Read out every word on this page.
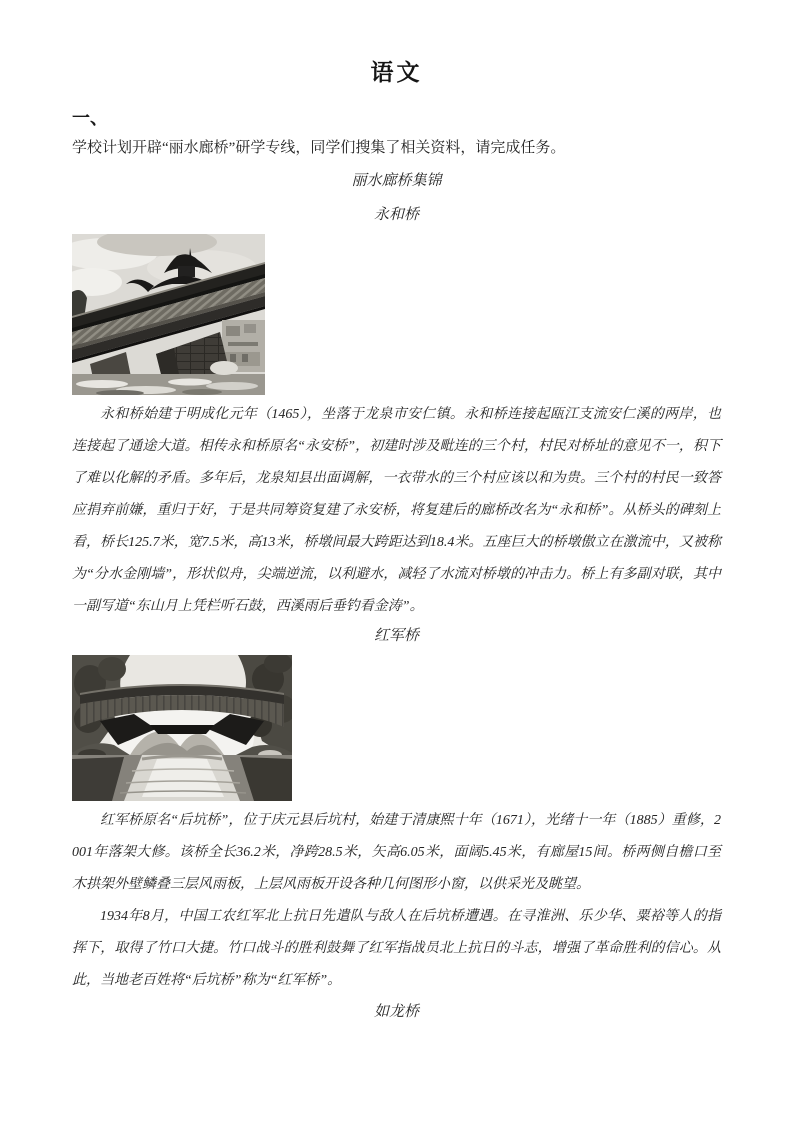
语文
一、

学校计划开辟“丽水廊桥”研学专线，同学们搜集了相关资料，请完成任务。

丽水廊桥集锦
永和桥

永和桥始建于明成化元年（1465），坐落于龙泉市安仁镇。永和桥连接起瓯江支流安仁溪的两岸，也连接起了通途大道。相传永和桥原名“永安桥”，初建时涉及毗连的三个村，村民对桥址的意见不一，积下了难以化解的矛盾。多年后，龙泉知县出面调解，一衣带水的三个村应该以和为贵。三个村的村民一致答应捐弃前嫌，重归于好，于是共同筹资复建了永安桥，将复建后的廊桥改名为“永和桥”。从桥头的碑刻上看，桥长125.7米，宽7.5米，高13米，桥墩间最大跨距达到18.4米。五座巨大的桥墩傲立在激流中，又被称为“分水金刚墙”，形状似舟，尖端逆流，以利避水，减轻了水流对桥墩的冲击力。桥上有多副对联，其中一副写道“东山月上凭栏听石鼓，西溪雨后垂钓看金涛”。

红军桥

红军桥原名“后坑桥”，位于庆元县后坑村，始建于清康熙十年（1671），光绪十一年（1885）重修，2001年落架大修。该桥全长36.2米，净跨28.5米，矢高6.05米，面阔5.45米，有廊屋15间。桥两侧自檐口至木拱架外壁鳞叠三层风雨板，上层风雨板开设各种几何图形小窗，以供采光及眺望。

1934年8月，中国工农红军北上抗日先遣队与敌人在后坑桥遭遇。在寻淮洲、乐少华、粟裕等人的指挥下，取得了竹口大捷。竹口战斗的胜利鼓舞了红军指战员北上抗日的斗志，增强了革命胜利的信心。从此，当地老百姓将“后坑桥”称为“红军桥”。

如龙桥
